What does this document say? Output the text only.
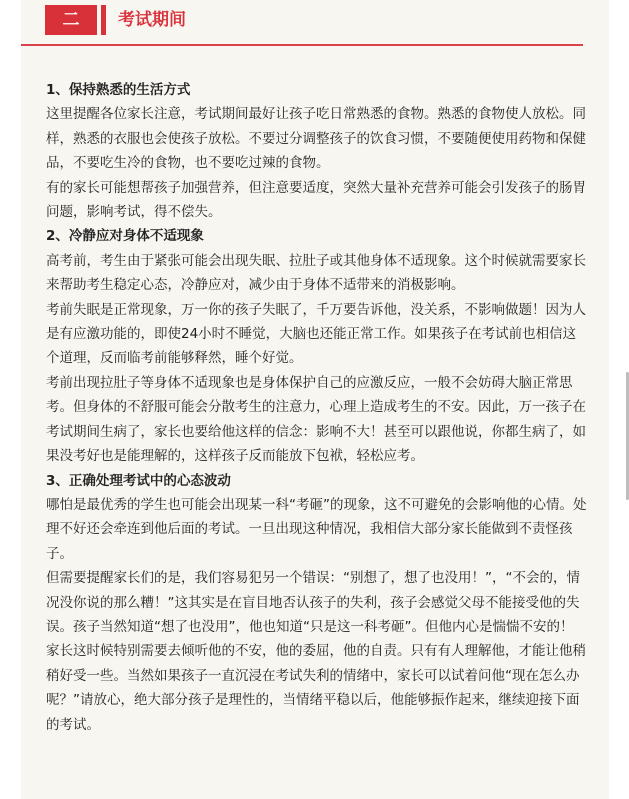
二	考试期间
1、保持熟悉的生活方式

这里提醒各位家长注意，考试期间最好让孩子吃日常熟悉的食物。熟悉的食物使人放松。同样，熟悉的衣服也会使孩子放松。不要过分调整孩子的饮食习惯，不要随便使用药物和保健品，不要吃生冷的食物，也不要吃过辣的食物。

有的家长可能想帮孩子加强营养，但注意要适度，突然大量补充营养可能会引发孩子的肠胃问题，影响考试，得不偿失。

2、冷静应对身体不适现象

高考前，考生由于紧张可能会出现失眠、拉肚子或其他身体不适现象。这个时候就需要家长来帮助考生稳定心态，冷静应对，减少由于身体不适带来的消极影响。

考前失眠是正常现象，万一你的孩子失眠了，千万要告诉他，没关系，不影响做题！因为人是有应激功能的，即使24小时不睡觉，大脑也还能正常工作。如果孩子在考试前也相信这个道理，反而临考前能够释然，睡个好觉。

考前出现拉肚子等身体不适现象也是身体保护自己的应激反应，一般不会妨碍大脑正常思考。但身体的不舒服可能会分散考生的注意力，心理上造成考生的不安。因此，万一孩子在考试期间生病了，家长也要给他这样的信念：影响不大！甚至可以跟他说，你都生病了，如果没考好也是能理解的，这样孩子反而能放下包袱，轻松应考。

3、正确处理考试中的心态波动

哪怕是最优秀的学生也可能会出现某一科“考砸”的现象，这不可避免的会影响他的心情。处理不好还会牵连到他后面的考试。一旦出现这种情况，我相信大部分家长能做到不责怪孩子。

但需要提醒家长们的是，我们容易犯另一个错误：“别想了，想了也没用！”，“不会的，情况没你说的那么糟！”这其实是在盲目地否认孩子的失利，孩子会感觉父母不能接受他的失误。孩子当然知道“想了也没用”，他也知道“只是这一科考砸”。但他内心是惴惴不安的！

家长这时候特别需要去倾听他的不安，他的委屈，他的自责。只有有人理解他，才能让他稍稍好受一些。当然如果孩子一直沉浸在考试失利的情绪中，家长可以试着问他“现在怎么办呢？”请放心，绝大部分孩子是理性的，当情绪平稳以后，他能够振作起来，继续迎接下面的考试。
